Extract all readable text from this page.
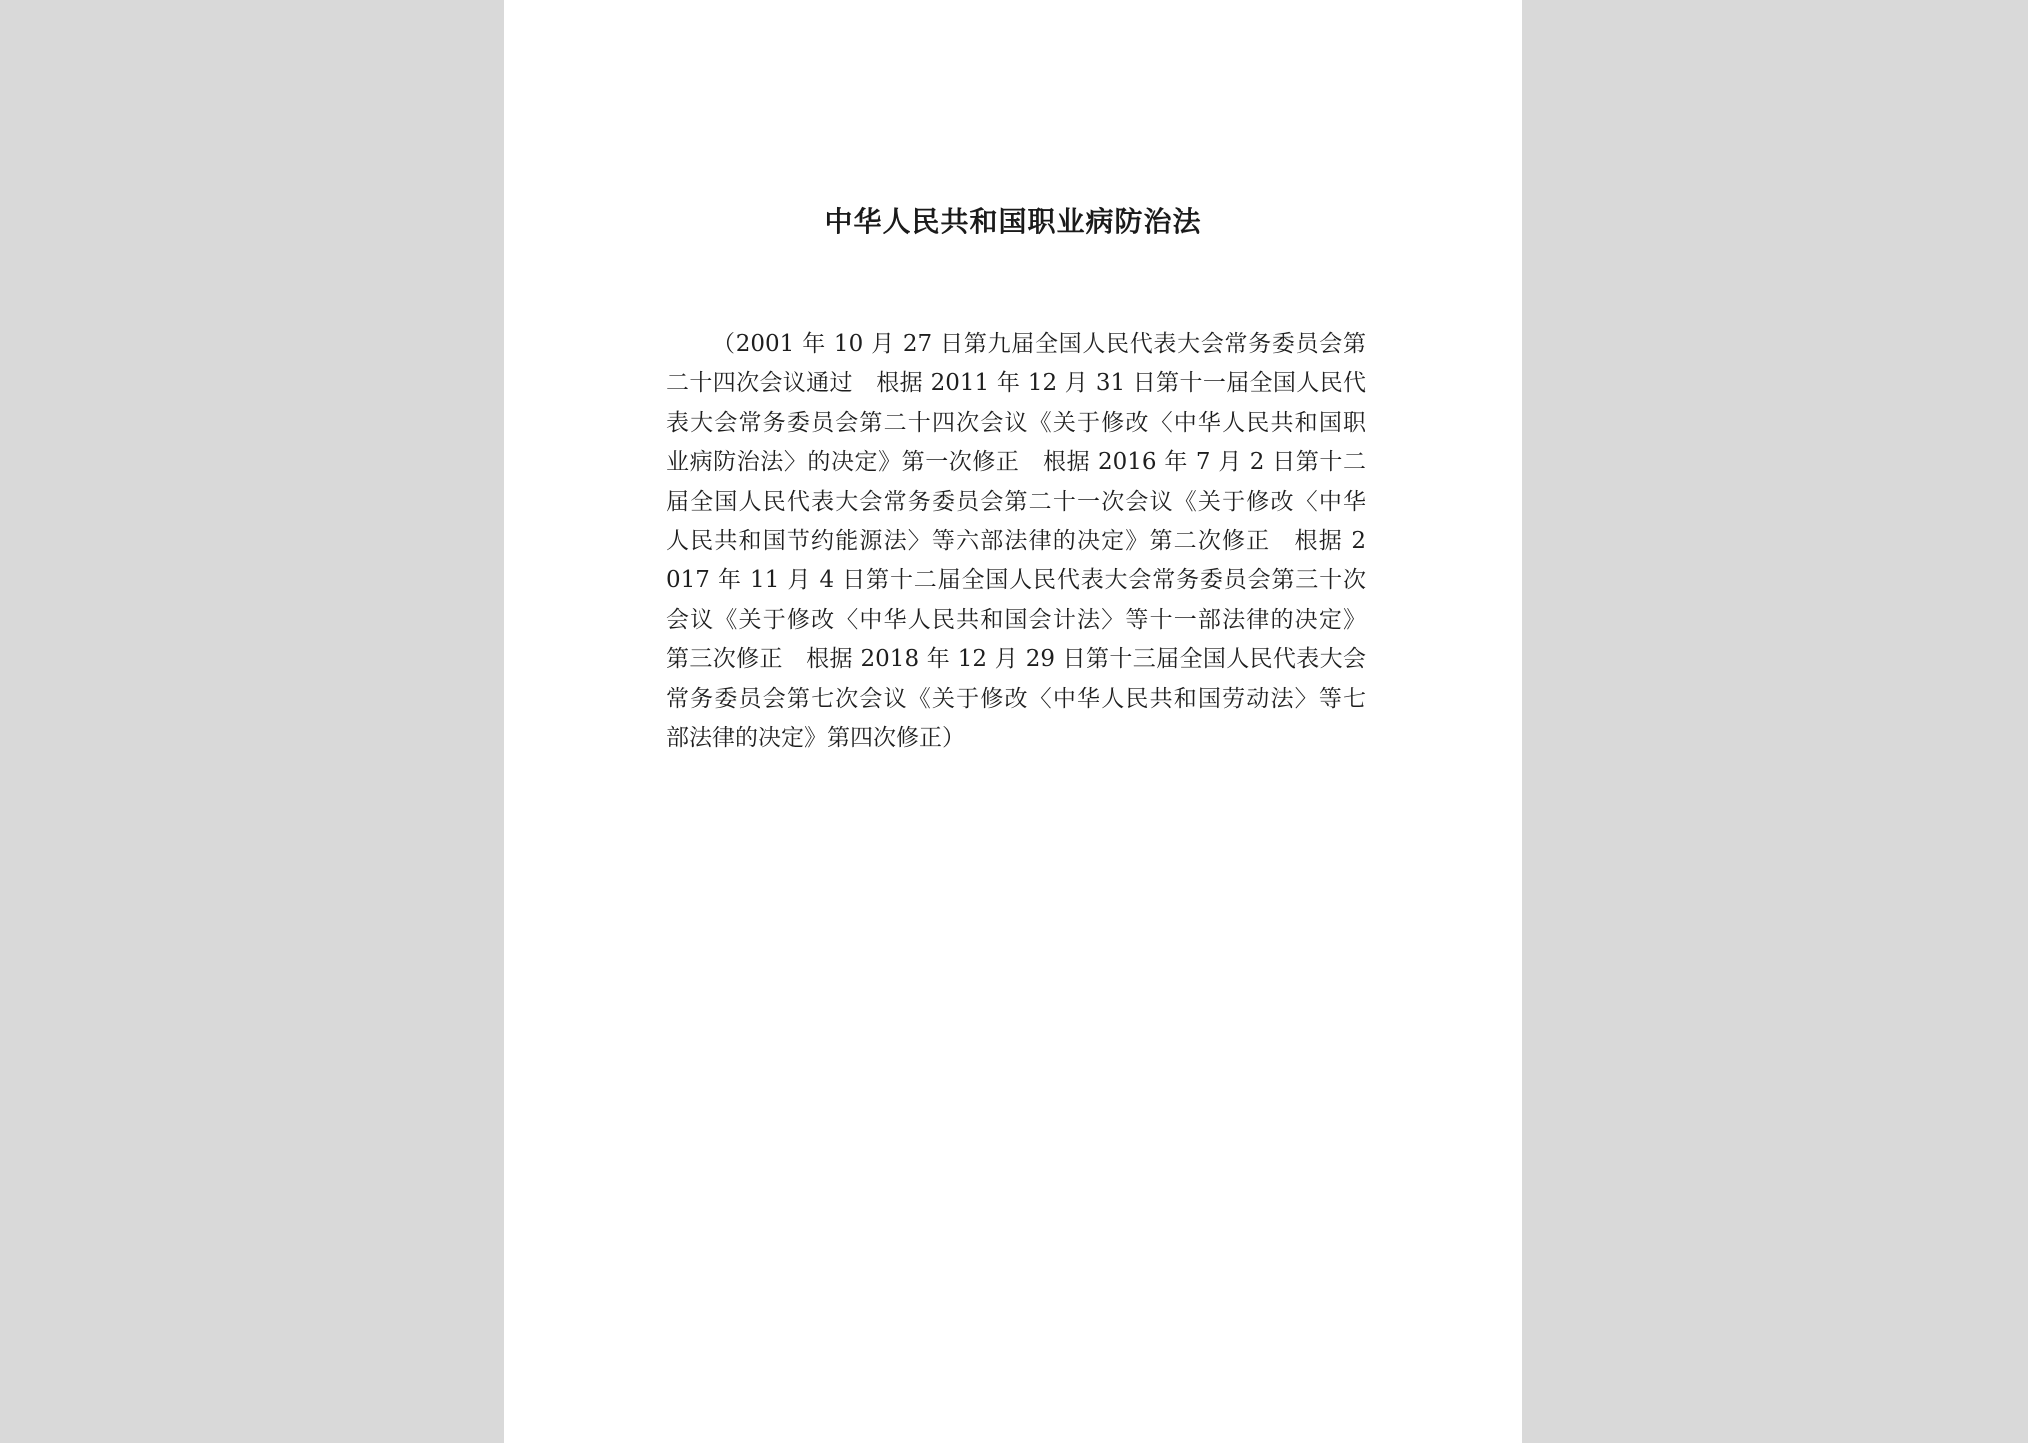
中华人民共和国职业病防治法
（2001 年 10 月 27 日第九届全国人民代表大会常务委员会第
二十四次会议通过　根据 2011 年 12 月 31 日第十一届全国人民代
表大会常务委员会第二十四次会议《关于修改〈中华人民共和国职
业病防治法〉的决定》第一次修正　根据 2016 年 7 月 2 日第十二
届全国人民代表大会常务委员会第二十一次会议《关于修改〈中华
人民共和国节约能源法〉等六部法律的决定》第二次修正　根据 2
017 年 11 月 4 日第十二届全国人民代表大会常务委员会第三十次
会议《关于修改〈中华人民共和国会计法〉等十一部法律的决定》
第三次修正　根据 2018 年 12 月 29 日第十三届全国人民代表大会
常务委员会第七次会议《关于修改〈中华人民共和国劳动法〉等七
部法律的决定》第四次修正）
